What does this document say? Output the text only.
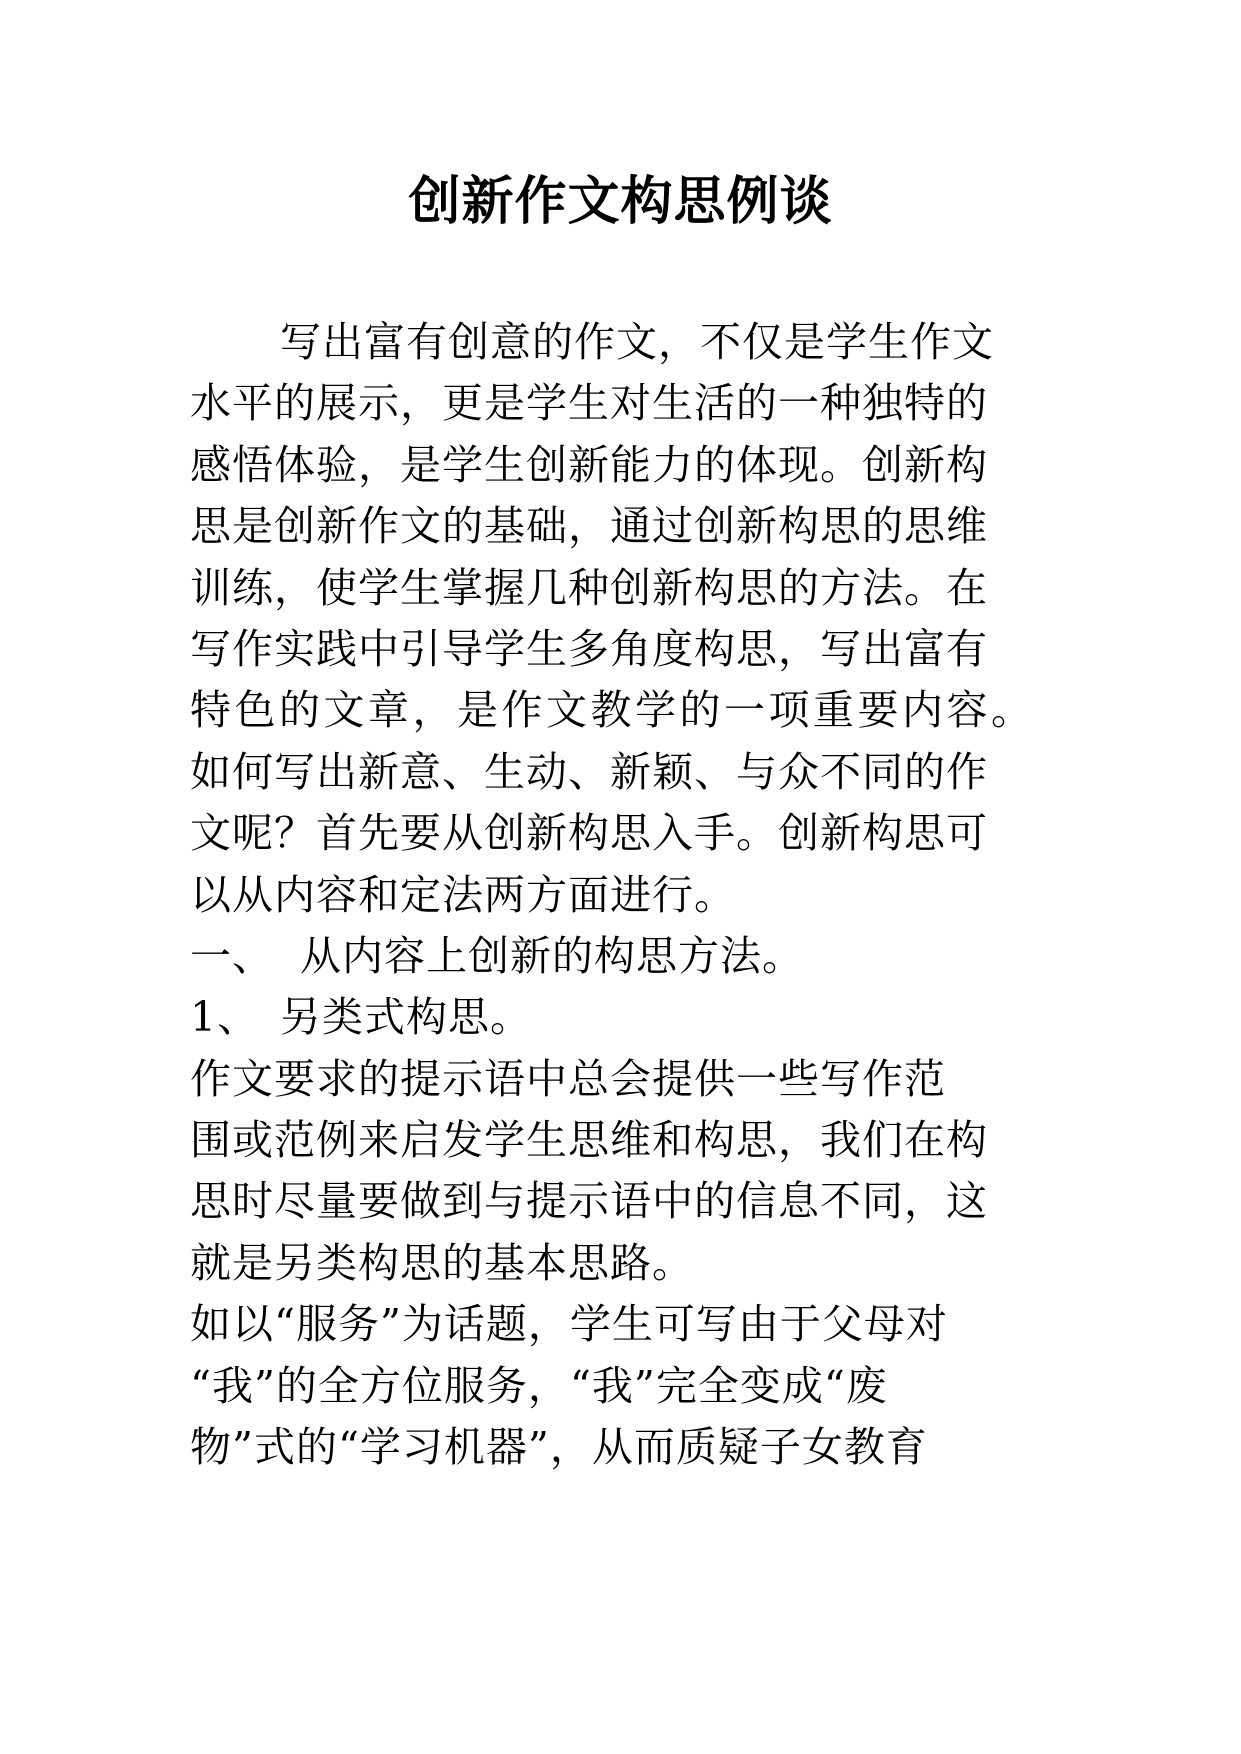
创新作文构思例谈
写出富有创意的作文，不仅是学生作文
水平的展示，更是学生对生活的一种独特的
感悟体验，是学生创新能力的体现。创新构
思是创新作文的基础，通过创新构思的思维
训练，使学生掌握几种创新构思的方法。在
写作实践中引导学生多角度构思，写出富有
特色的文章，是作文教学的一项重要内容。
如何写出新意、生动、新颖、与众不同的作
文呢？首先要从创新构思入手。创新构思可
以从内容和定法两方面进行。
一、 从内容上创新的构思方法。
1、 另类式构思。
作文要求的提示语中总会提供一些写作范
围或范例来启发学生思维和构思，我们在构
思时尽量要做到与提示语中的信息不同，这
就是另类构思的基本思路。
如以“服务”为话题，学生可写由于父母对
“我”的全方位服务，“我”完全变成“废
物”式的“学习机器”，从而质疑子女教育
